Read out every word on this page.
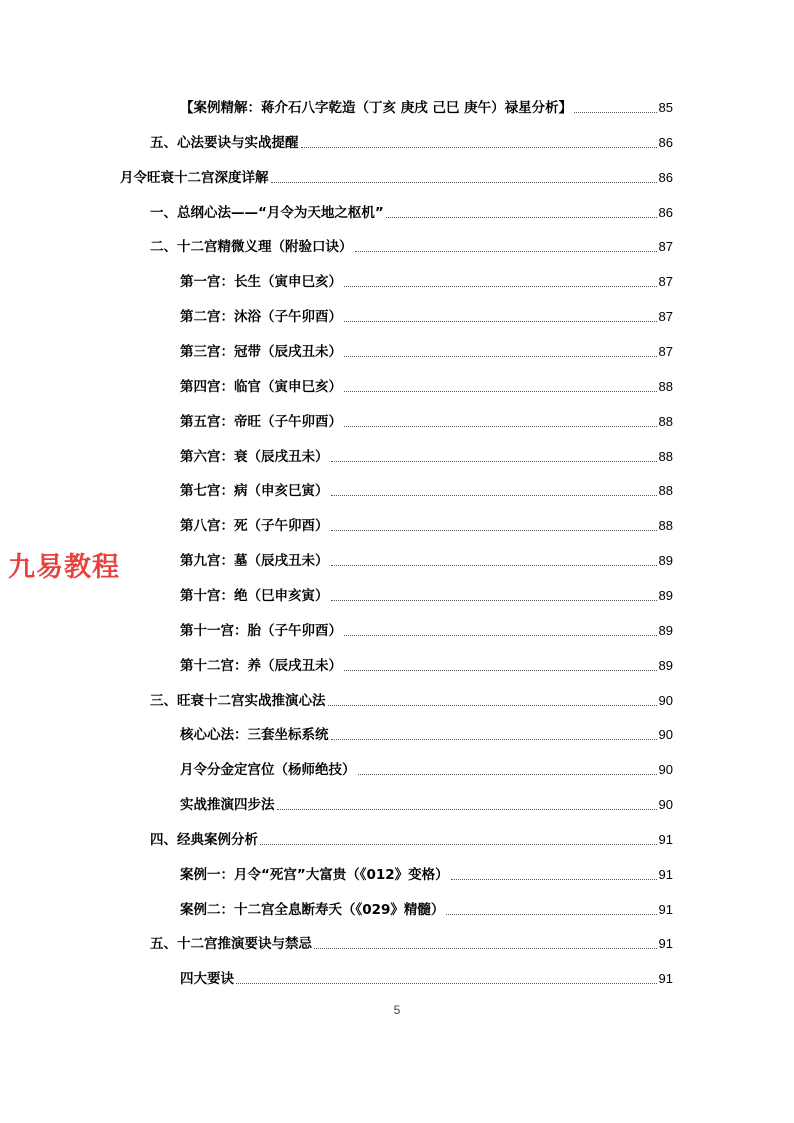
【案例精解：蒋介石八字乾造（丁亥 庚戌 己巳 庚午）禄星分析】	85
五、心法要诀与实战提醒	86
月令旺衰十二宫深度详解	86
一、总纲心法——“月令为天地之枢机”	86
二、十二宫精微义理（附验口诀）	87
第一宫：长生（寅申巳亥）	87
第二宫：沐浴（子午卯酉）	87
第三宫：冠带（辰戌丑未）	87
第四宫：临官（寅申巳亥）	88
第五宫：帝旺（子午卯酉）	88
第六宫：衰（辰戌丑未）	88
第七宫：病（申亥巳寅）	88
第八宫：死（子午卯酉）	88
第九宫：墓（辰戌丑未）	89
第十宫：绝（巳申亥寅）	89
第十一宫：胎（子午卯酉）	89
第十二宫：养（辰戌丑未）	89
三、旺衰十二宫实战推演心法	90
核心心法：三套坐标系统	90
月令分金定宫位（杨师绝技）	90
实战推演四步法	90
四、经典案例分析	91
案例一：月令“死宫”大富贵（《012》变格）	91
案例二：十二宫全息断寿夭（《029》精髓）	91
五、十二宫推演要诀与禁忌	91
四大要诀	91
九易教程
5
